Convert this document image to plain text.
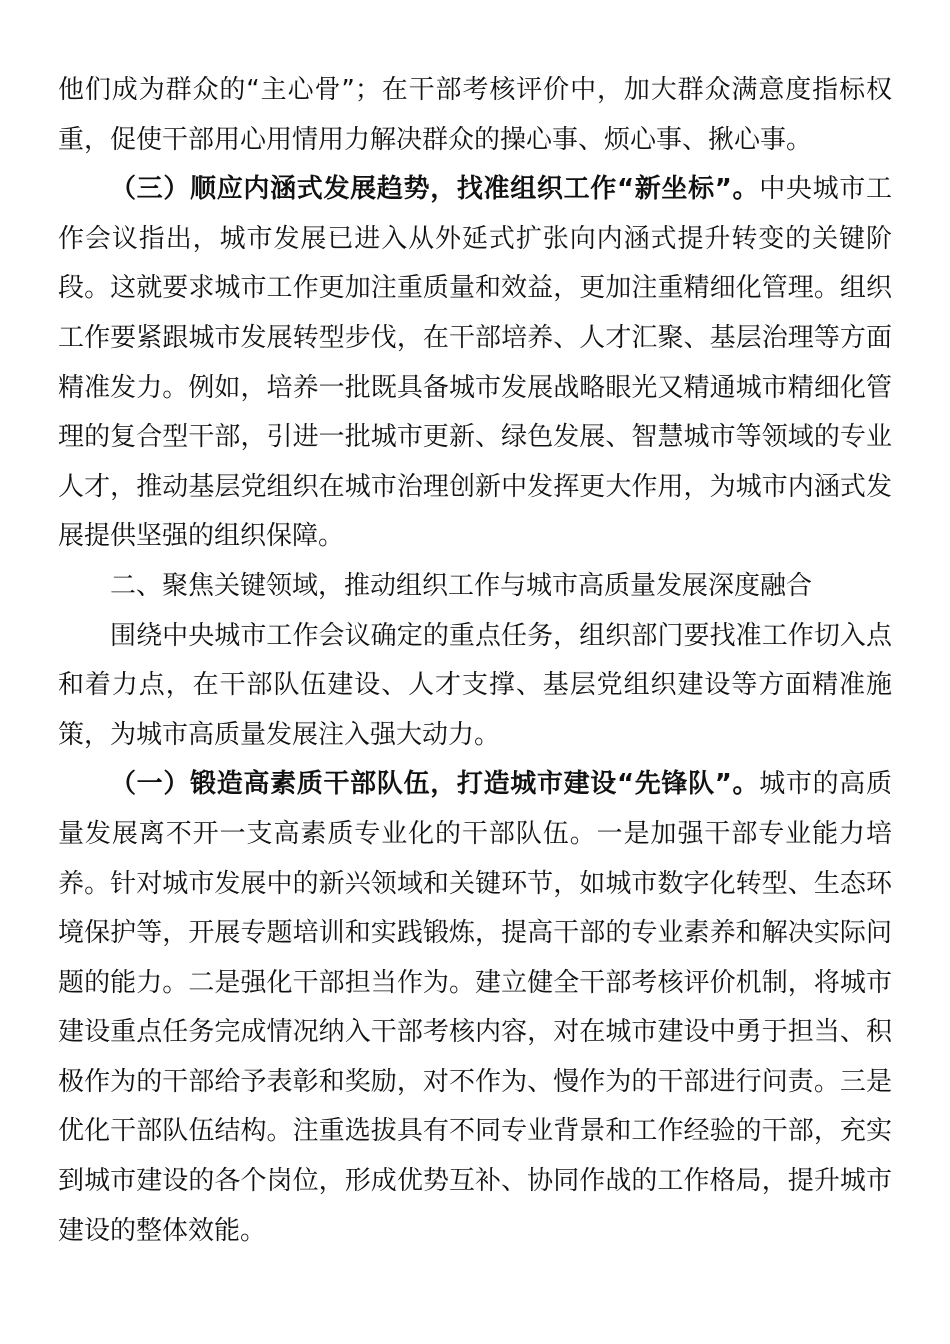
他们成为群众的“主心骨”；在干部考核评价中，加大群众满意度指标权重，促使干部用心用情用力解决群众的操心事、烦心事、揪心事。

（三）顺应内涵式发展趋势，找准组织工作“新坐标”。中央城市工作会议指出，城市发展已进入从外延式扩张向内涵式提升转变的关键阶段。这就要求城市工作更加注重质量和效益，更加注重精细化管理。组织工作要紧跟城市发展转型步伐，在干部培养、人才汇聚、基层治理等方面精准发力。例如，培养一批既具备城市发展战略眼光又精通城市精细化管理的复合型干部，引进一批城市更新、绿色发展、智慧城市等领域的专业人才，推动基层党组织在城市治理创新中发挥更大作用，为城市内涵式发展提供坚强的组织保障。

二、聚焦关键领域，推动组织工作与城市高质量发展深度融合

围绕中央城市工作会议确定的重点任务，组织部门要找准工作切入点和着力点，在干部队伍建设、人才支撑、基层党组织建设等方面精准施策，为城市高质量发展注入强大动力。

（一）锻造高素质干部队伍，打造城市建设“先锋队”。城市的高质量发展离不开一支高素质专业化的干部队伍。一是加强干部专业能力培养。针对城市发展中的新兴领域和关键环节，如城市数字化转型、生态环境保护等，开展专题培训和实践锻炼，提高干部的专业素养和解决实际问题的能力。二是强化干部担当作为。建立健全干部考核评价机制，将城市建设重点任务完成情况纳入干部考核内容，对在城市建设中勇于担当、积极作为的干部给予表彰和奖励，对不作为、慢作为的干部进行问责。三是优化干部队伍结构。注重选拔具有不同专业背景和工作经验的干部，充实到城市建设的各个岗位，形成优势互补、协同作战的工作格局，提升城市建设的整体效能。
